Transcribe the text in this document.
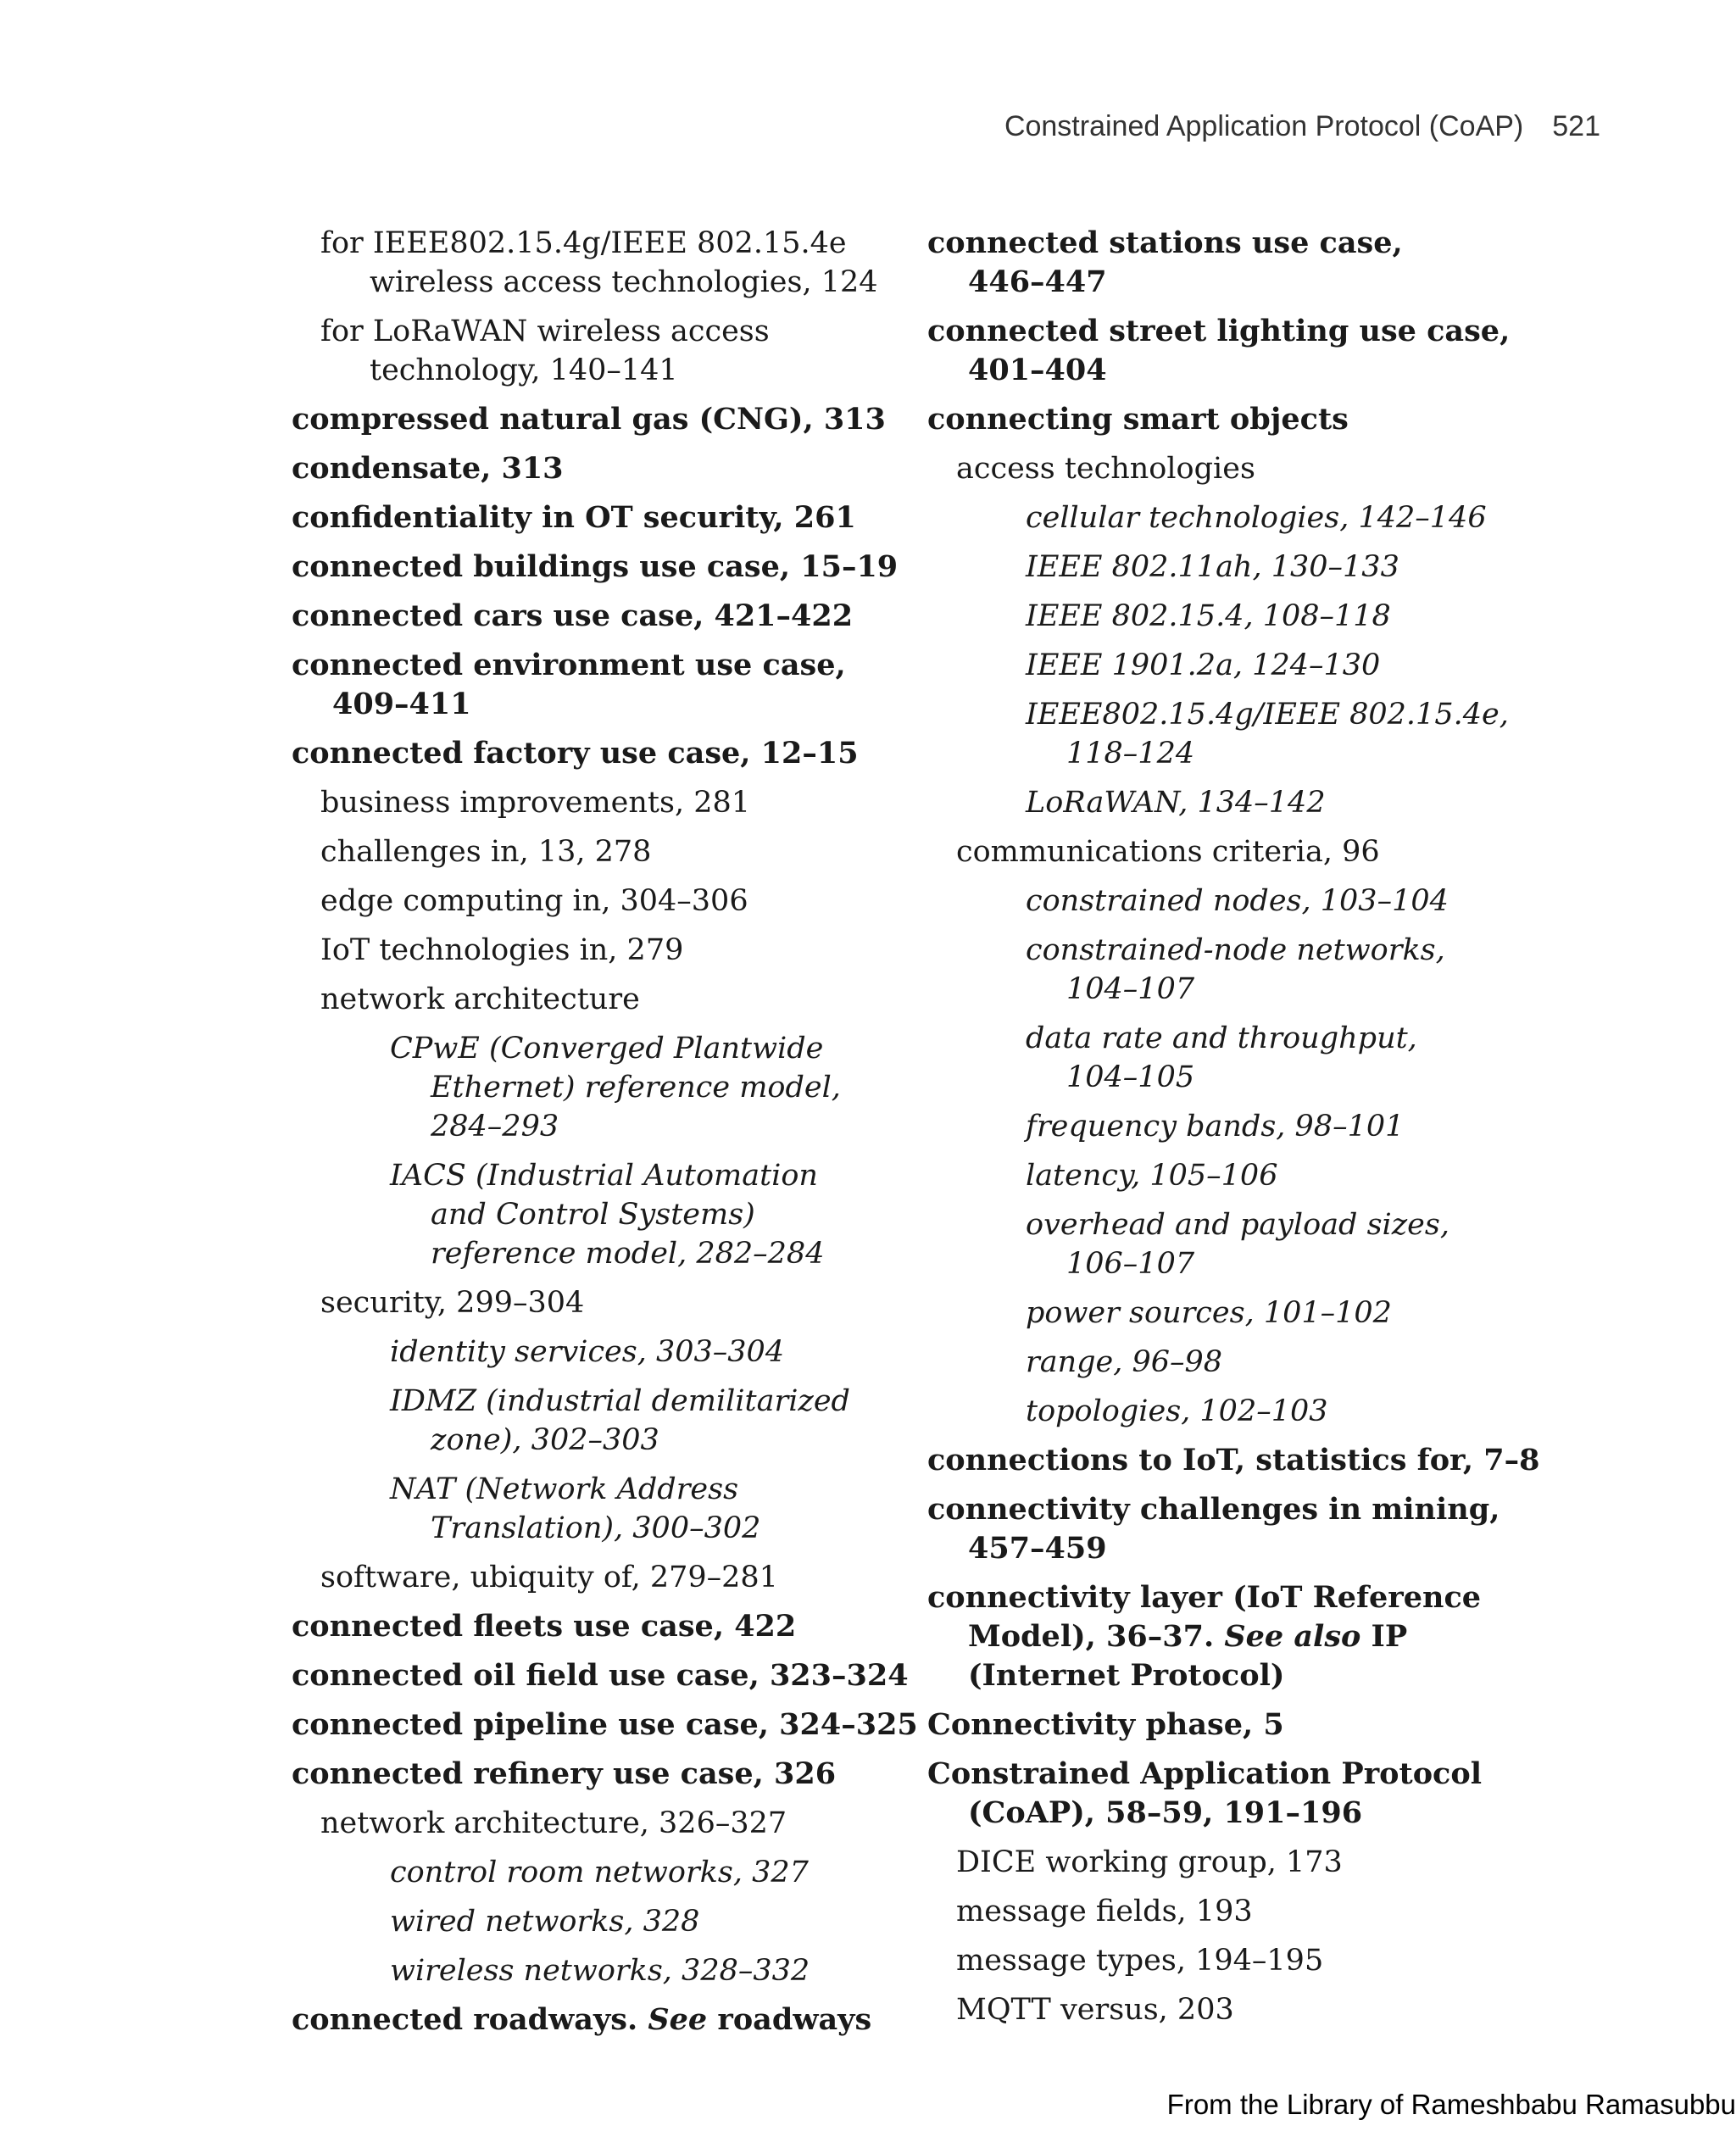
Constrained Application Protocol (CoAP) 521
for IEEE802.15.4g/IEEE 802.15.4e
wireless access technologies, 124
for LoRaWAN wireless access
technology, 140–141
compressed natural gas (CNG), 313
condensate, 313
confidentiality in OT security, 261
connected buildings use case, 15–19
connected cars use case, 421–422
connected environment use case,
409–411
connected factory use case, 12–15
business improvements, 281
challenges in, 13, 278
edge computing in, 304–306
IoT technologies in, 279
network architecture
CPwE (Converged Plantwide
Ethernet) reference model,
284–293
IACS (Industrial Automation
and Control Systems)
reference model, 282–284
security, 299–304
identity services, 303–304
IDMZ (industrial demilitarized
zone), 302–303
NAT (Network Address
Translation), 300–302
software, ubiquity of, 279–281
connected fleets use case, 422
connected oil field use case, 323–324
connected pipeline use case, 324–325
connected refinery use case, 326
network architecture, 326–327
control room networks, 327
wired networks, 328
wireless networks, 328–332
connected roadways. See roadways
connected stations use case,
446–447
connected street lighting use case,
401–404
connecting smart objects
access technologies
cellular technologies, 142–146
IEEE 802.11ah, 130–133
IEEE 802.15.4, 108–118
IEEE 1901.2a, 124–130
IEEE802.15.4g/IEEE 802.15.4e,
118–124
LoRaWAN, 134–142
communications criteria, 96
constrained nodes, 103–104
constrained-node networks,
104–107
data rate and throughput,
104–105
frequency bands, 98–101
latency, 105–106
overhead and payload sizes,
106–107
power sources, 101–102
range, 96–98
topologies, 102–103
connections to IoT, statistics for, 7–8
connectivity challenges in mining,
457–459
connectivity layer (IoT Reference
Model), 36–37. See also IP
(Internet Protocol)
Connectivity phase, 5
Constrained Application Protocol
(CoAP), 58–59, 191–196
DICE working group, 173
message fields, 193
message types, 194–195
MQTT versus, 203
From the Library of Rameshbabu Ramasubbu
